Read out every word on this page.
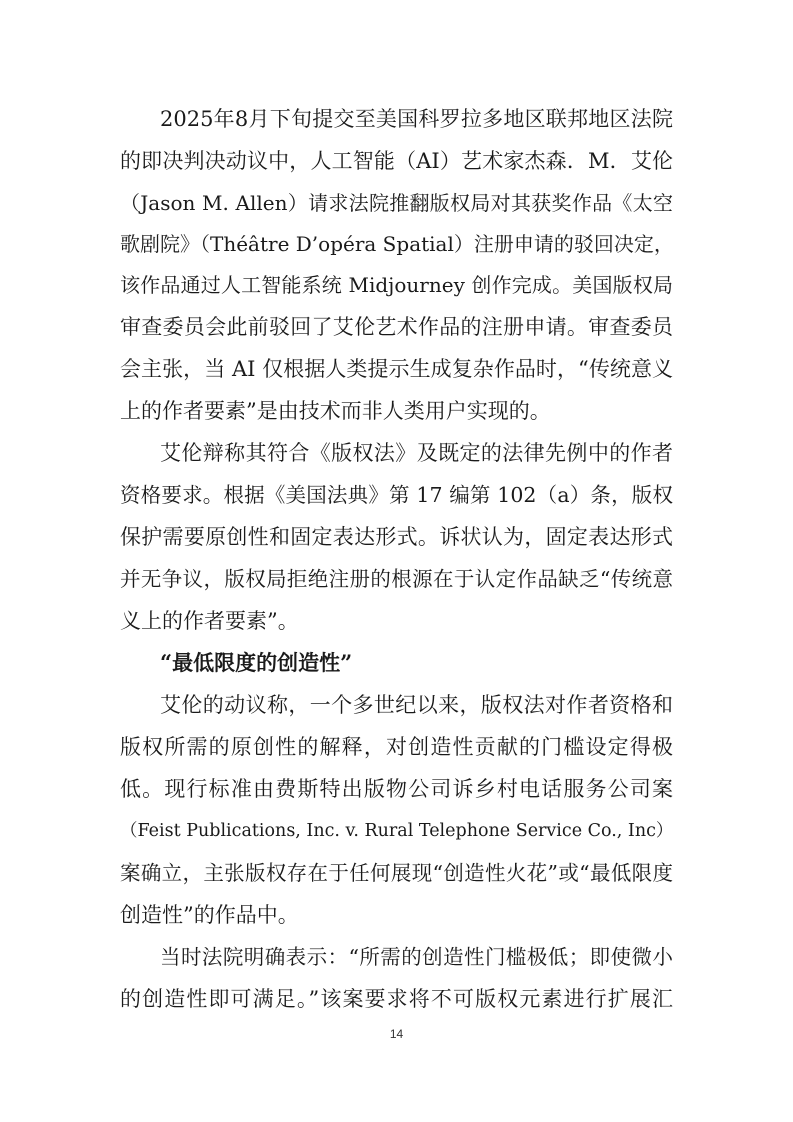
2025年8月下旬提交至美国科罗拉多地区联邦地区法院
的即决判决动议中，人工智能（AI）艺术家杰森．M．艾伦
（Jason M. Allen）请求法院推翻版权局对其获奖作品《太空
歌剧院》（Théâtre D’opéra Spatial）注册申请的驳回决定，
该作品通过人工智能系统 Midjourney 创作完成。美国版权局
审查委员会此前驳回了艾伦艺术作品的注册申请。审查委员
会主张，当 AI 仅根据人类提示生成复杂作品时，“传统意义
上的作者要素”是由技术而非人类用户实现的。
艾伦辩称其符合《版权法》及既定的法律先例中的作者
资格要求。根据《美国法典》第 17 编第 102（a）条，版权
保护需要原创性和固定表达形式。诉状认为，固定表达形式
并无争议，版权局拒绝注册的根源在于认定作品缺乏“传统意
义上的作者要素”。
“最低限度的创造性”
艾伦的动议称，一个多世纪以来，版权法对作者资格和
版权所需的原创性的解释，对创造性贡献的门槛设定得极
低。现行标准由费斯特出版物公司诉乡村电话服务公司案
（Feist Publications, Inc. v. Rural Telephone Service Co., Inc）
案确立，主张版权存在于任何展现“创造性火花”或“最低限度
创造性”的作品中。
当时法院明确表示：“所需的创造性门槛极低；即使微小
的创造性即可满足。”该案要求将不可版权元素进行扩展汇
14
